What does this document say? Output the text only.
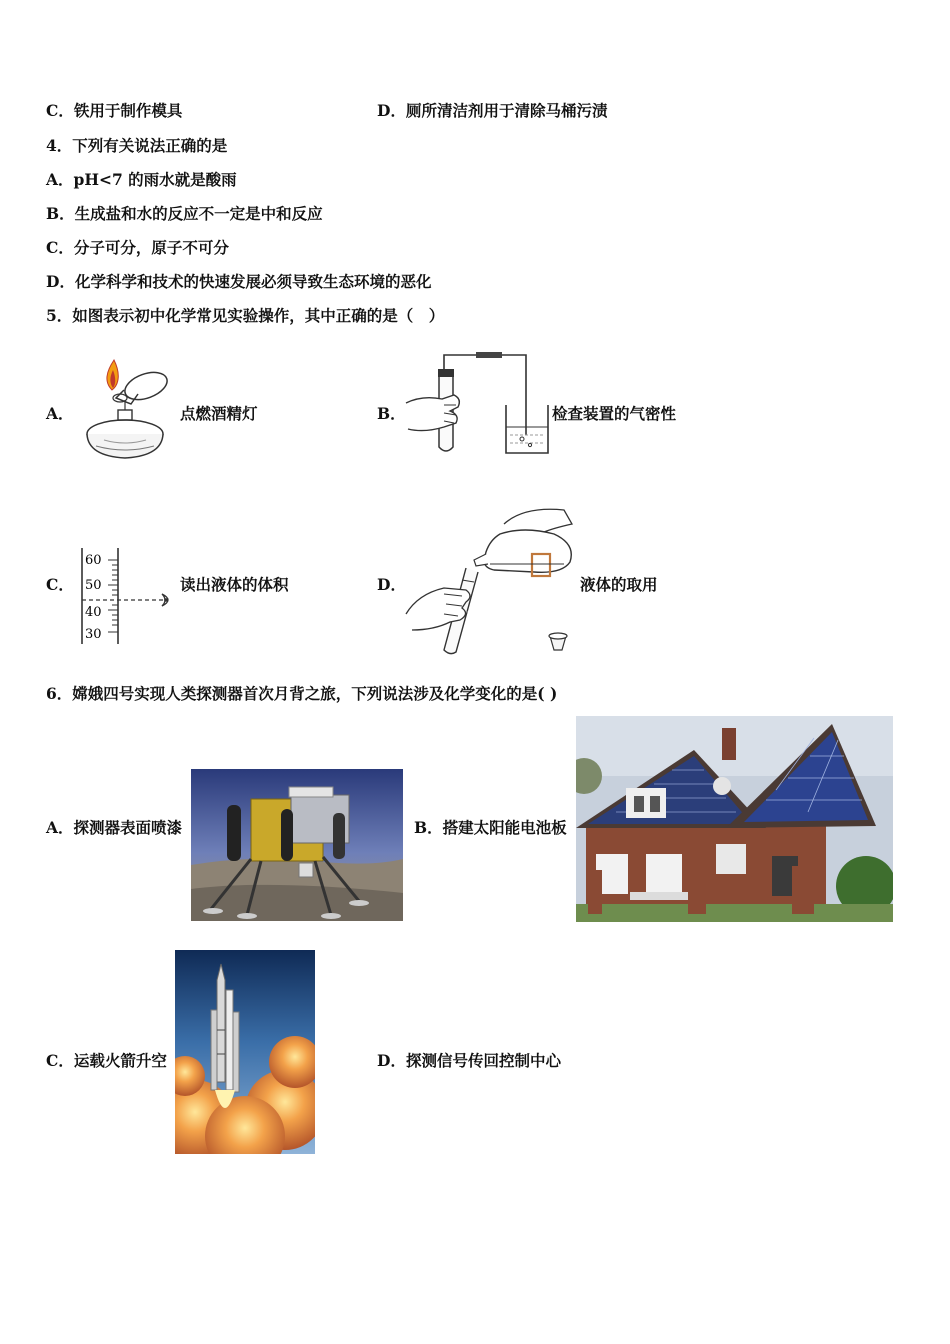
C．铁用于制作模具	D．厕所清洁剂用于清除马桶污渍
4．下列有关说法正确的是
A．pH<7 的雨水就是酸雨
B．生成盐和水的反应不一定是中和反应
C．分子可分，原子不可分
D．化学科学和技术的快速发展必须导致生态环境的恶化
5．如图表示初中化学常见实验操作，其中正确的是（　）
A．	点燃酒精灯	B．	检查装置的气密性
C．
60
50
40
30
读出液体的体积	D．	液体的取用
6．嫦娥四号实现人类探测器首次月背之旅，下列说法涉及化学变化的是( )
A．探测器表面喷漆	B．搭建太阳能电池板
C．运载火箭升空	D．探测信号传回控制中心
